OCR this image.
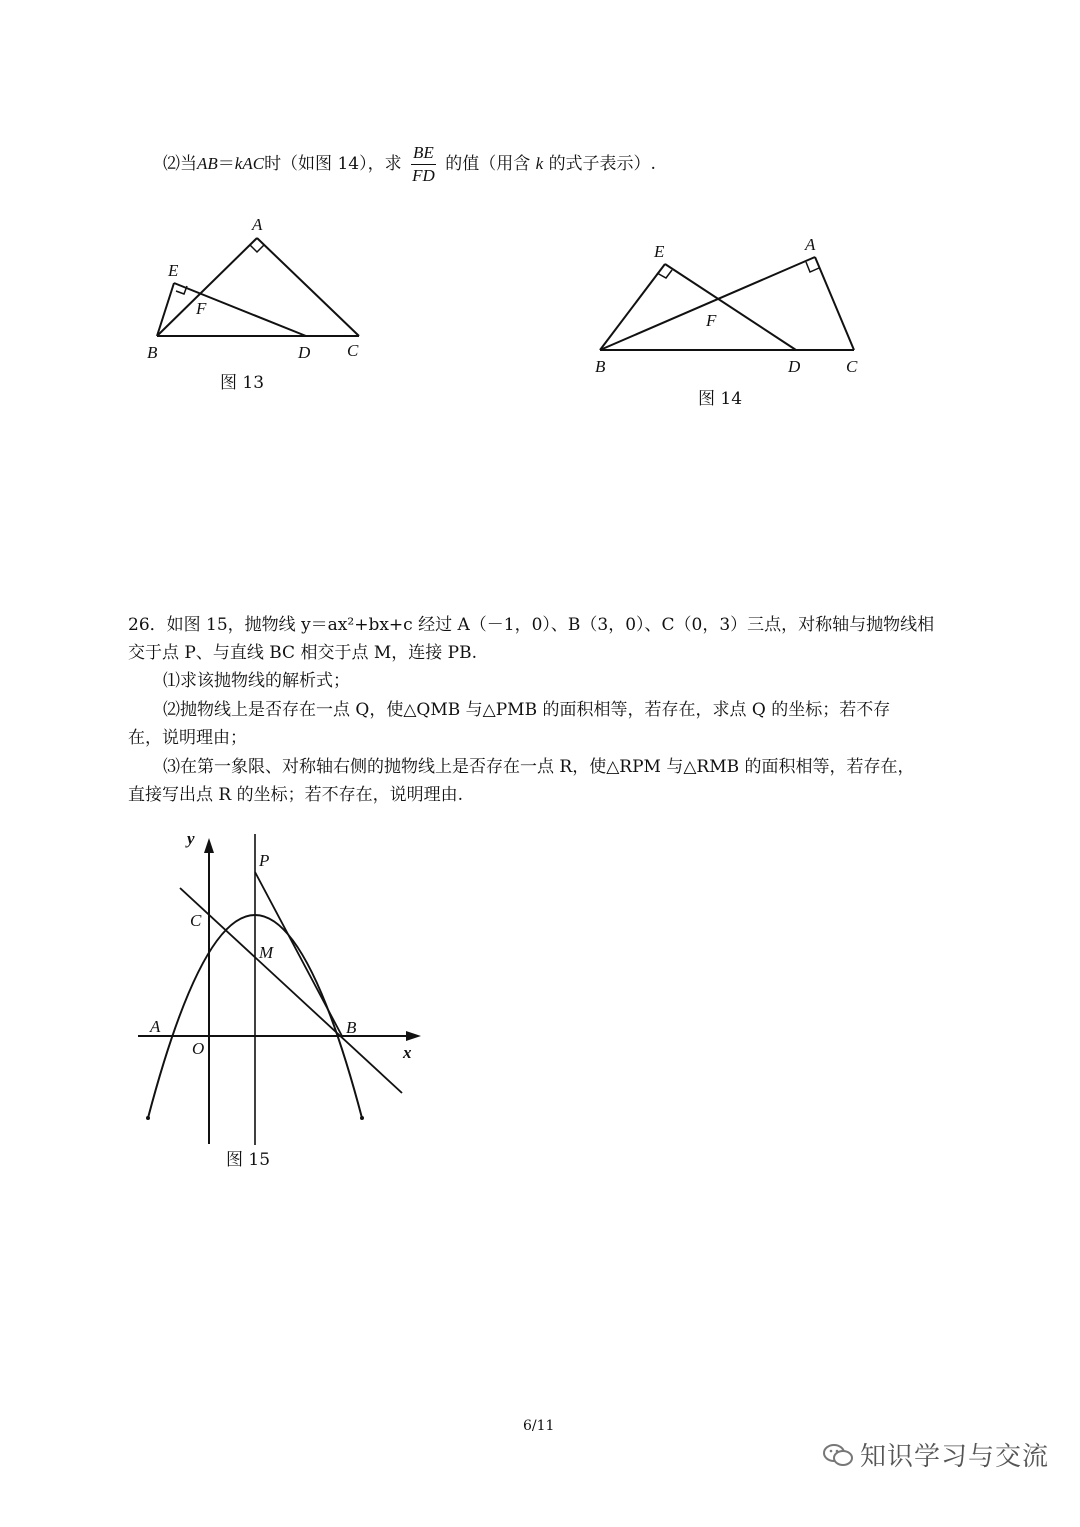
⑵当AB＝kAC时（如图 14），求 $\frac{BE}{FD}$ 的值（用含 k 的式子表示）.
A
B	C
D
E
F
图 13
E	A
F
B	D	C
图 14
26．如图 15，抛物线 y＝ax²+bx+c 经过 A（－1，0）、B（3，0）、C（0，3）三点，对称轴与抛物线相
交于点 P、与直线 BC 相交于点 M，连接 PB.
⑴求该抛物线的解析式；
⑵抛物线上是否存在一点 Q，使△QMB 与△PMB 的面积相等，若存在，求点 Q 的坐标；若不存
在，说明理由；
⑶在第一象限、对称轴右侧的抛物线上是否存在一点 R，使△RPM 与△RMB 的面积相等，若存在，
直接写出点 R 的坐标；若不存在，说明理由.
y
x
P
C
M
A	B
O
图 15
6/11
知识学习与交流
